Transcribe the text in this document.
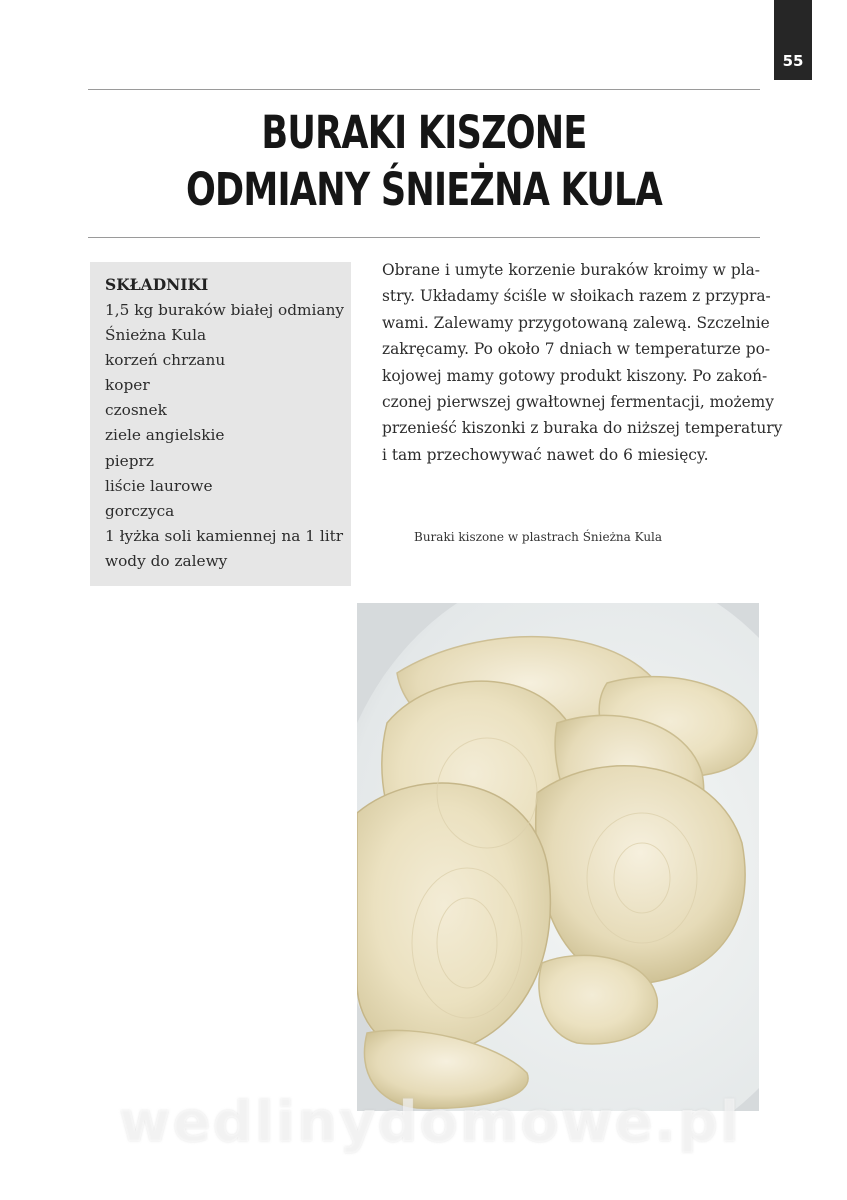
55
BURAKI KISZONE
ODMIANY ŚNIEŻNA KULA
SKŁADNIKI
1,5 kg buraków białej odmiany
Śnieżna Kula
korzeń chrzanu
koper
czosnek
ziele angielskie
pieprz
liście laurowe
gorczyca
1 łyżka soli kamiennej na 1 litr
wody do zalewy

Obrane i umyte korzenie buraków kroimy w pla-
stry. Układamy ściśle w słoikach razem z przypra-
wami. Zalewamy przygotowaną zalewą. Szczelnie
zakręcamy. Po około 7 dniach w temperaturze po-
kojowej mamy gotowy produkt kiszony. Po zakoń-
czonej pierwszej gwałtownej fermentacji, możemy
przenieść kiszonki z buraka do niższej temperatury
i tam przechowywać nawet do 6 miesięcy.

Buraki kiszone w plastrach Śnieżna Kula

wedlinydomowe.pl
